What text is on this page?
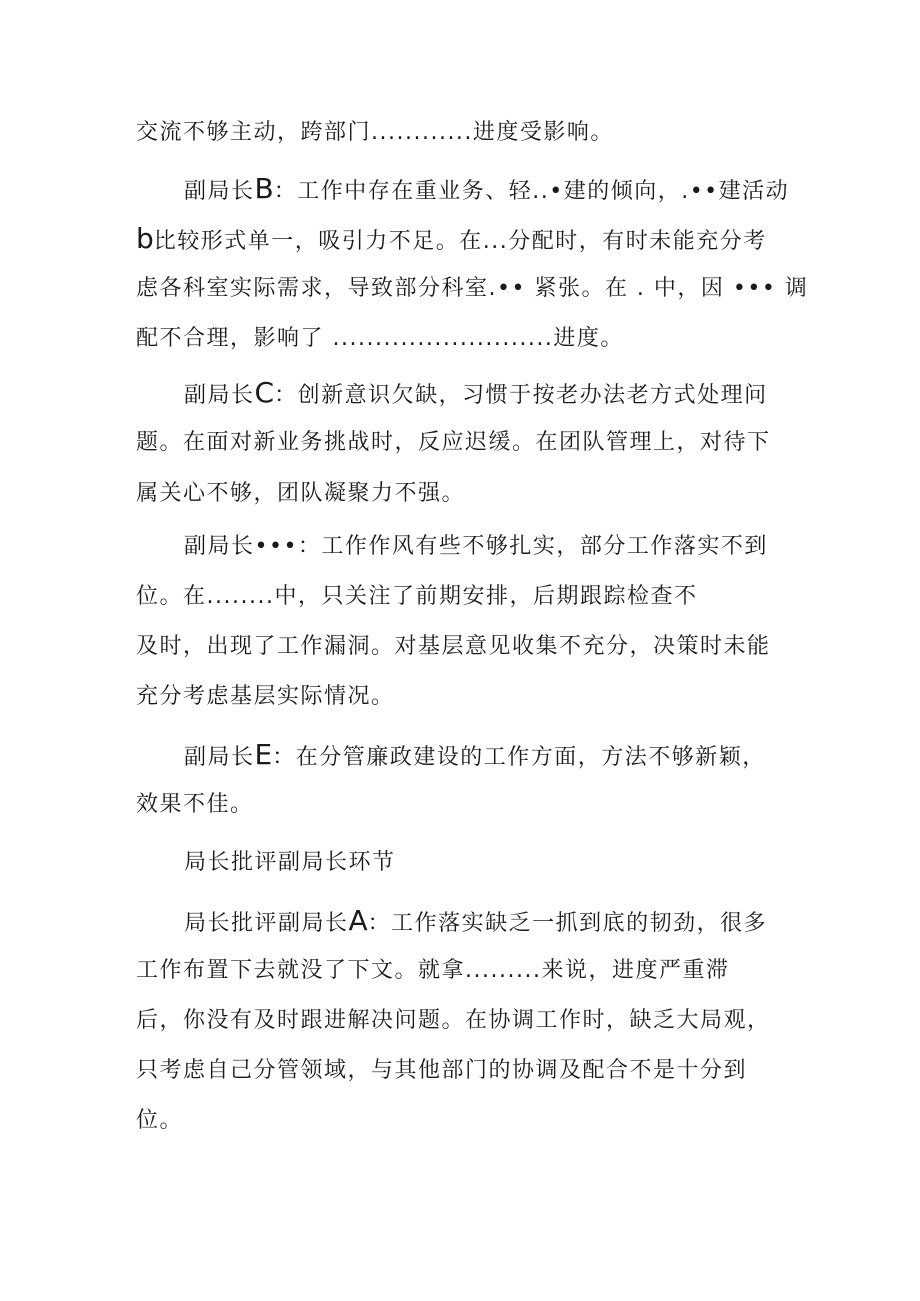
交流不够主动，跨部门............进度受影响。
副局长B：工作中存在重业务、轻..•建的倾向，.••建活动
b比较形式单一，吸引力不足。在...分配时，有时未能充分考
虑各科室实际需求，导致部分科室.•• 紧张。在 . 中，因 ••• 调
配不合理，影响了 ..........................进度。
副局长C：创新意识欠缺，习惯于按老办法老方式处理问
题。在面对新业务挑战时，反应迟缓。在团队管理上，对待下
属关心不够，团队凝聚力不强。
副局长•••：工作作风有些不够扎实，部分工作落实不到
位。在........中，只关注了前期安排，后期跟踪检查不
及时，出现了工作漏洞。对基层意见收集不充分，决策时未能
充分考虑基层实际情况。
副局长E：在分管廉政建设的工作方面，方法不够新颖，
效果不佳。
局长批评副局长环节
局长批评副局长A：工作落实缺乏一抓到底的韧劲，很多
工作布置下去就没了下文。就拿.........来说，进度严重滞
后，你没有及时跟进解决问题。在协调工作时，缺乏大局观，
只考虑自己分管领域，与其他部门的协调及配合不是十分到
位。
